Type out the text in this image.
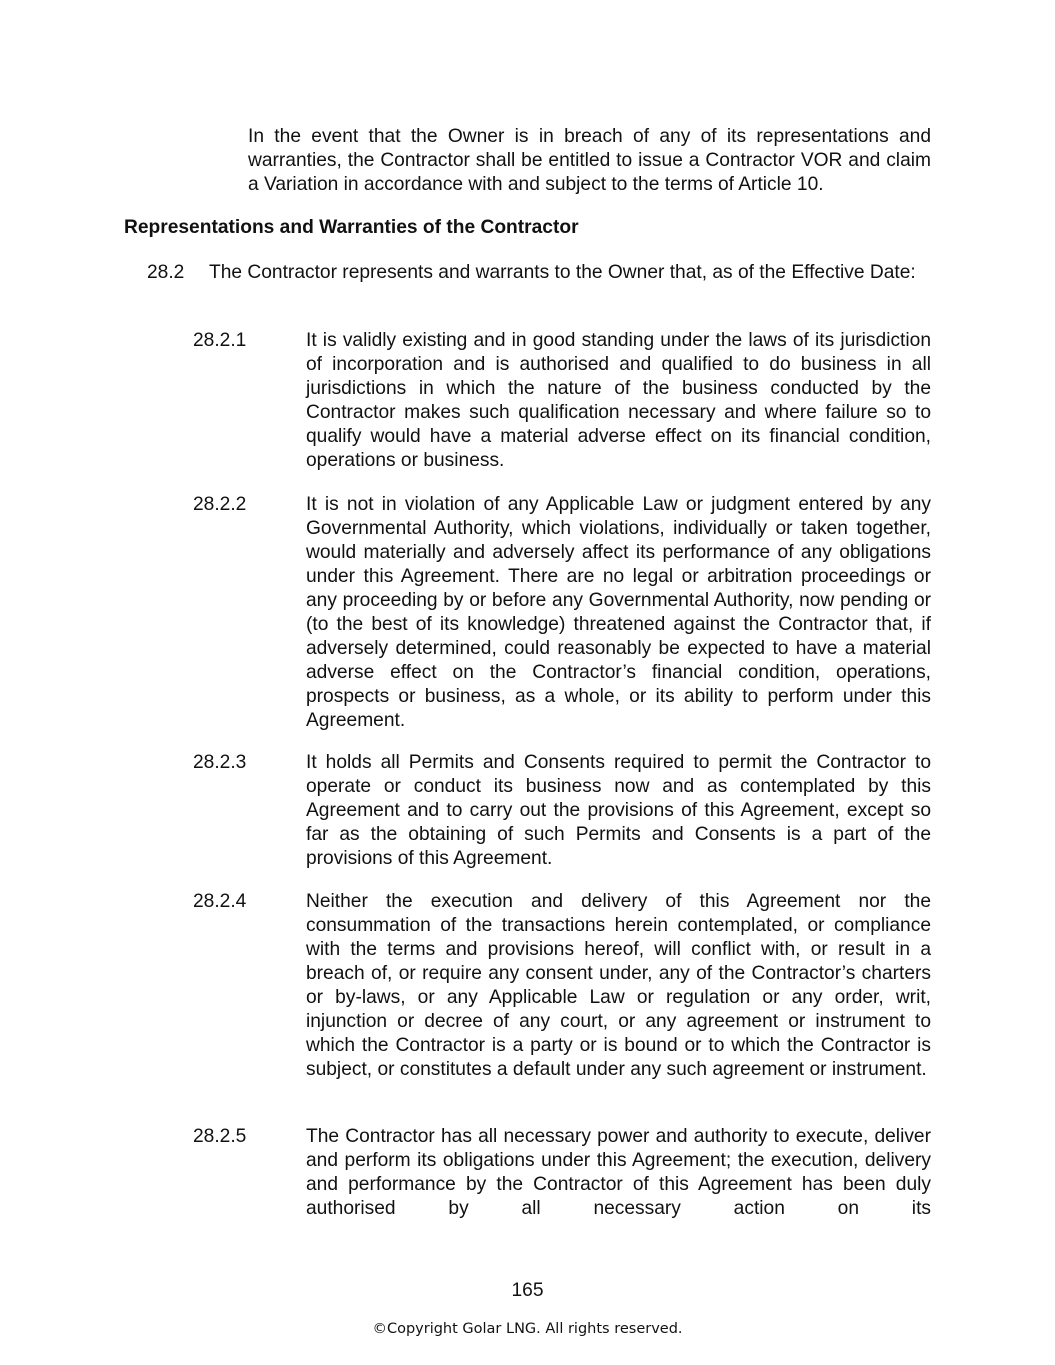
In the event that the Owner is in breach of any of its representations and warranties, the Contractor shall be entitled to issue a Contractor VOR and claim a Variation in accordance with and subject to the terms of Article 10.

Representations and Warranties of the Contractor
28.2 The Contractor represents and warrants to the Owner that, as of the Effective Date:
28.2.1	It is validly existing and in good standing under the laws of its jurisdiction of incorporation and is authorised and qualified to do business in all jurisdictions in which the nature of the business conducted by the Contractor makes such qualification necessary and where failure so to qualify would have a material adverse effect on its financial condition, operations or business.
28.2.2	It is not in violation of any Applicable Law or judgment entered by any Governmental Authority, which violations, individually or taken together, would materially and adversely affect its performance of any obligations under this Agreement. There are no legal or arbitration proceedings or any proceeding by or before any Governmental Authority, now pending or (to the best of its knowledge) threatened against the Contractor that, if adversely determined, could reasonably be expected to have a material adverse effect on the Contractor’s financial condition, operations, prospects or business, as a whole, or its ability to perform under this Agreement.
28.2.3	It holds all Permits and Consents required to permit the Contractor to operate or conduct its business now and as contemplated by this Agreement and to carry out the provisions of this Agreement, except so far as the obtaining of such Permits and Consents is a part of the provisions of this Agreement.
28.2.4	Neither the execution and delivery of this Agreement nor the consummation of the transactions herein contemplated, or compliance with the terms and provisions hereof, will conflict with, or result in a breach of, or require any consent under, any of the Contractor’s charters or by-laws, or any Applicable Law or regulation or any order, writ, injunction or decree of any court, or any agreement or instrument to which the Contractor is a party or is bound or to which the Contractor is subject, or constitutes a default under any such agreement or instrument.
28.2.5	The Contractor has all necessary power and authority to execute, deliver and perform its obligations under this Agreement; the execution, delivery and performance by the Contractor of this Agreement has been duly authorised by all necessary action on its
165
©Copyright Golar LNG. All rights reserved.
